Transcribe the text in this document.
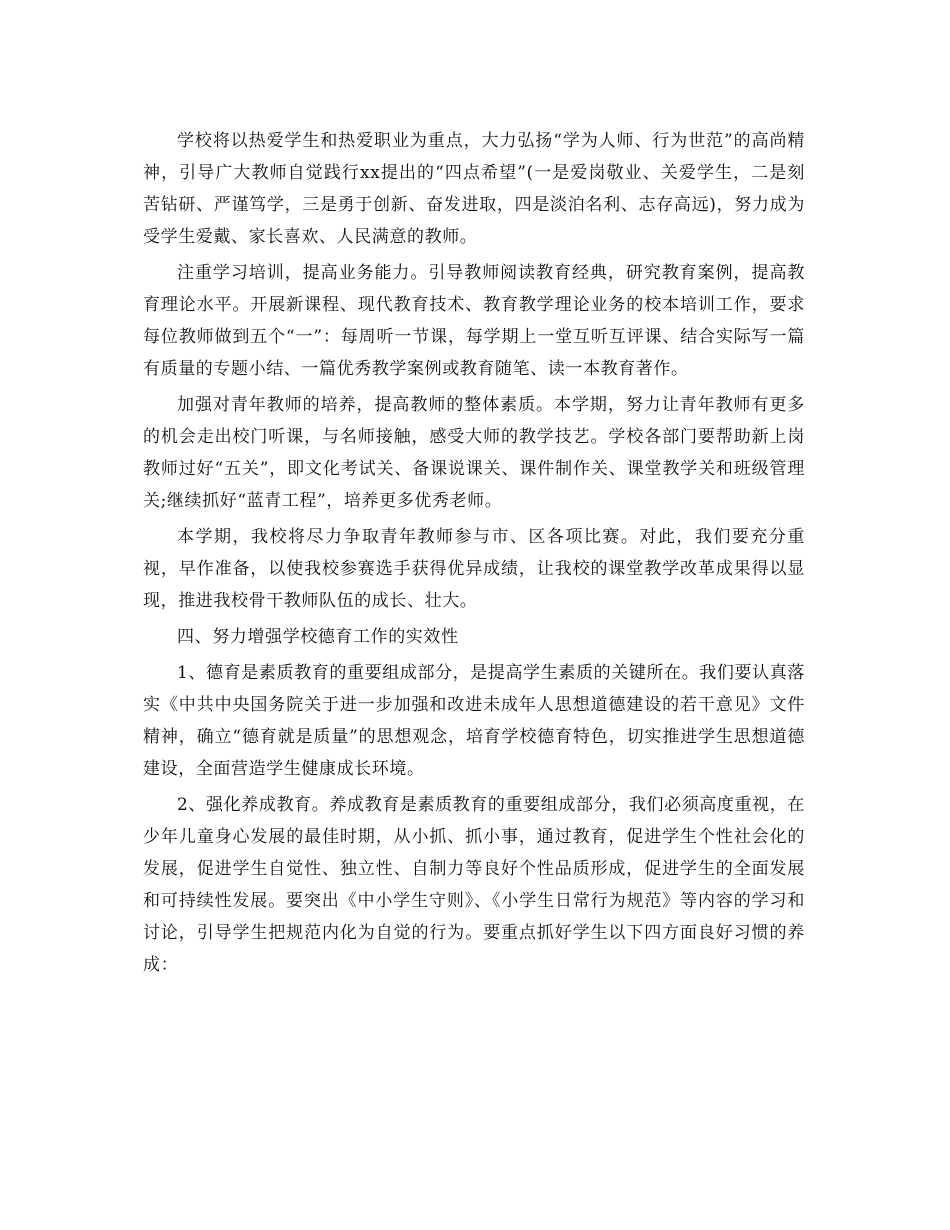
学校将以热爱学生和热爱职业为重点，大力弘扬“学为人师、行为世范”的高尚精神，引导广大教师自觉践行xx提出的“四点希望”(一是爱岗敬业、关爱学生，二是刻苦钻研、严谨笃学，三是勇于创新、奋发进取，四是淡泊名利、志存高远)，努力成为受学生爱戴、家长喜欢、人民满意的教师。

注重学习培训，提高业务能力。引导教师阅读教育经典，研究教育案例，提高教育理论水平。开展新课程、现代教育技术、教育教学理论业务的校本培训工作，要求每位教师做到五个“一”：每周听一节课，每学期上一堂互听互评课、结合实际写一篇有质量的专题小结、一篇优秀教学案例或教育随笔、读一本教育著作。

加强对青年教师的培养，提高教师的整体素质。本学期，努力让青年教师有更多的机会走出校门听课，与名师接触，感受大师的教学技艺。学校各部门要帮助新上岗教师过好“五关”，即文化考试关、备课说课关、课件制作关、课堂教学关和班级管理关;继续抓好“蓝青工程”，培养更多优秀老师。

本学期，我校将尽力争取青年教师参与市、区各项比赛。对此，我们要充分重视，早作准备，以使我校参赛选手获得优异成绩，让我校的课堂教学改革成果得以显现，推进我校骨干教师队伍的成长、壮大。

四、努力增强学校德育工作的实效性

1、德育是素质教育的重要组成部分，是提高学生素质的关键所在。我们要认真落实《中共中央国务院关于进一步加强和改进未成年人思想道德建设的若干意见》文件精神，确立“德育就是质量”的思想观念，培育学校德育特色，切实推进学生思想道德建设，全面营造学生健康成长环境。

2、强化养成教育。养成教育是素质教育的重要组成部分，我们必须高度重视，在少年儿童身心发展的最佳时期，从小抓、抓小事，通过教育，促进学生个性社会化的发展，促进学生自觉性、独立性、自制力等良好个性品质形成，促进学生的全面发展和可持续性发展。要突出《中小学生守则》、《小学生日常行为规范》等内容的学习和讨论，引导学生把规范内化为自觉的行为。要重点抓好学生以下四方面良好习惯的养成：
